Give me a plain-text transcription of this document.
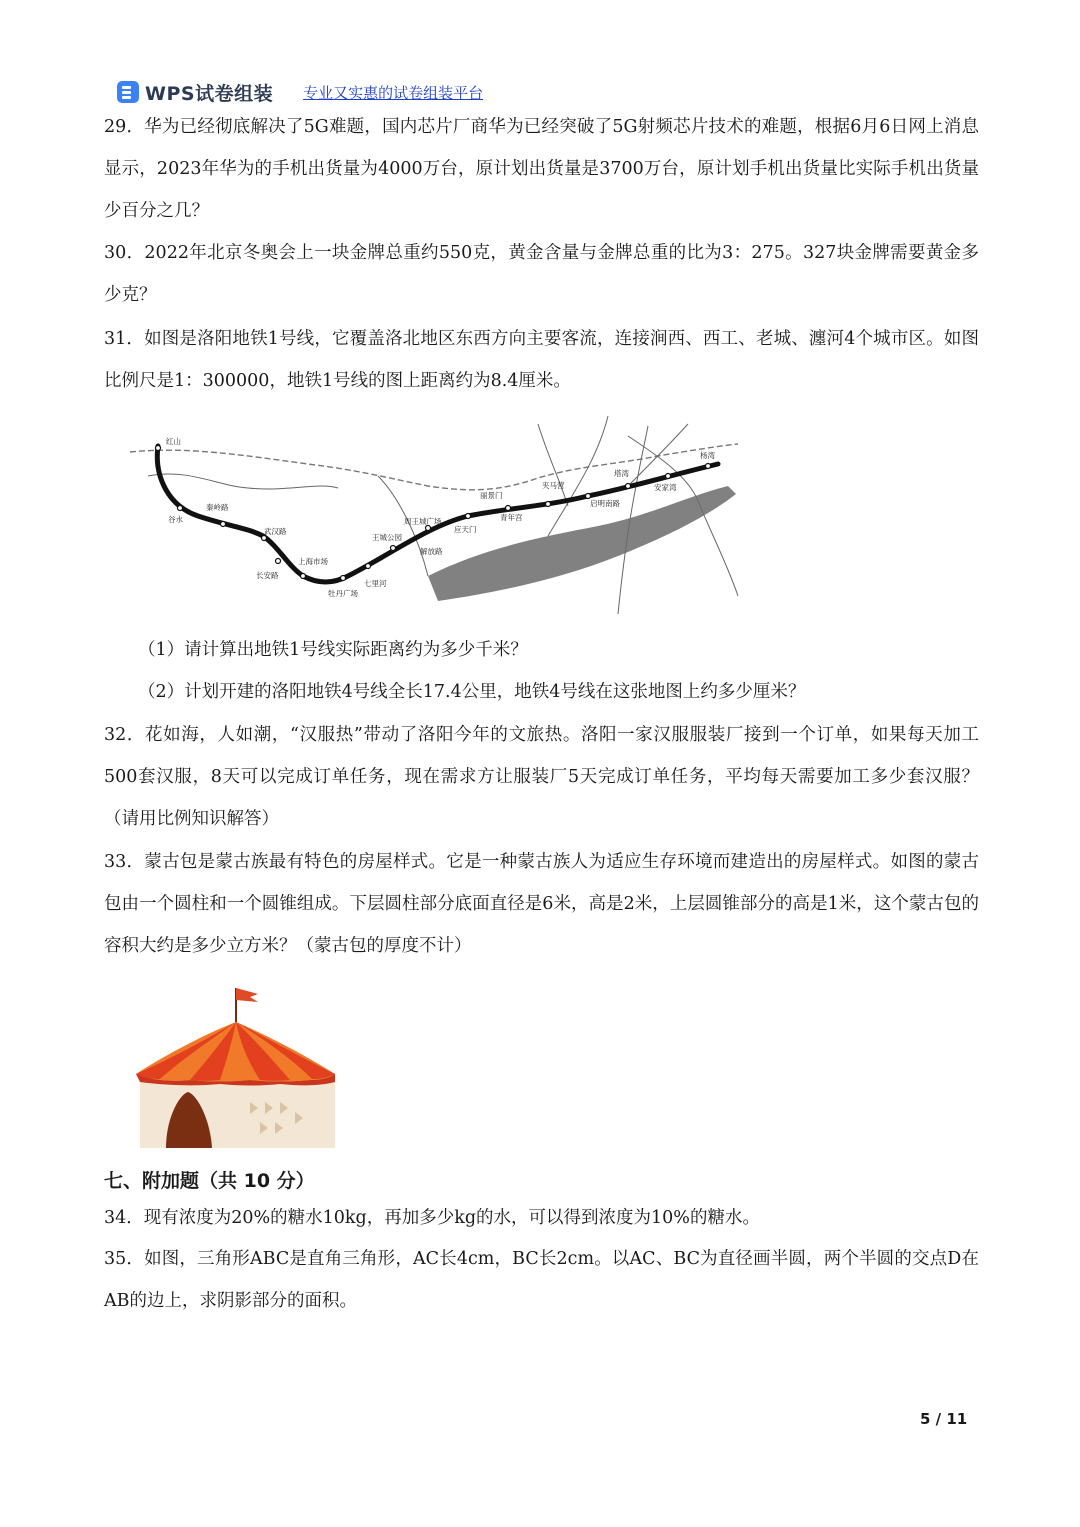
WPS试卷组装 专业又实惠的试卷组装平台
29．华为已经彻底解决了5G难题，国内芯片厂商华为已经突破了5G射频芯片技术的难题，根据6月6日网上消息显示，2023年华为的手机出货量为4000万台，原计划出货量是3700万台，原计划手机出货量比实际手机出货量少百分之几？
30．2022年北京冬奥会上一块金牌总重约550克，黄金含量与金牌总重的比为3：275。327块金牌需要黄金多少克？
31．如图是洛阳地铁1号线，它覆盖洛北地区东西方向主要客流，连接涧西、西工、老城、瀍河4个城市区。如图比例尺是1：300000，地铁1号线的图上距离约为8.4厘米。
红山
谷水
秦岭路
武汉路
长安路
上海市场
牡丹广场
七里河
王城公园
解放路
周王城广场
应天门
青年宫
丽景门
夹马营
启明南路
塔湾
安家湾
杨湾
（1）请计算出地铁1号线实际距离约为多少千米？
（2）计划开建的洛阳地铁4号线全长17.4公里，地铁4号线在这张地图上约多少厘米？
32．花如海，人如潮，“汉服热”带动了洛阳今年的文旅热。洛阳一家汉服服装厂接到一个订单，如果每天加工500套汉服，8天可以完成订单任务，现在需求方让服装厂5天完成订单任务，平均每天需要加工多少套汉服？（请用比例知识解答）
33．蒙古包是蒙古族最有特色的房屋样式。它是一种蒙古族人为适应生存环境而建造出的房屋样式。如图的蒙古包由一个圆柱和一个圆锥组成。下层圆柱部分底面直径是6米，高是2米，上层圆锥部分的高是1米，这个蒙古包的容积大约是多少立方米？（蒙古包的厚度不计）
七、附加题（共 10 分）
34．现有浓度为20%的糖水10kg，再加多少kg的水，可以得到浓度为10%的糖水。
35．如图，三角形ABC是直角三角形，AC长4cm，BC长2cm。以AC、BC为直径画半圆，两个半圆的交点D在AB的边上，求阴影部分的面积。
5 / 11
